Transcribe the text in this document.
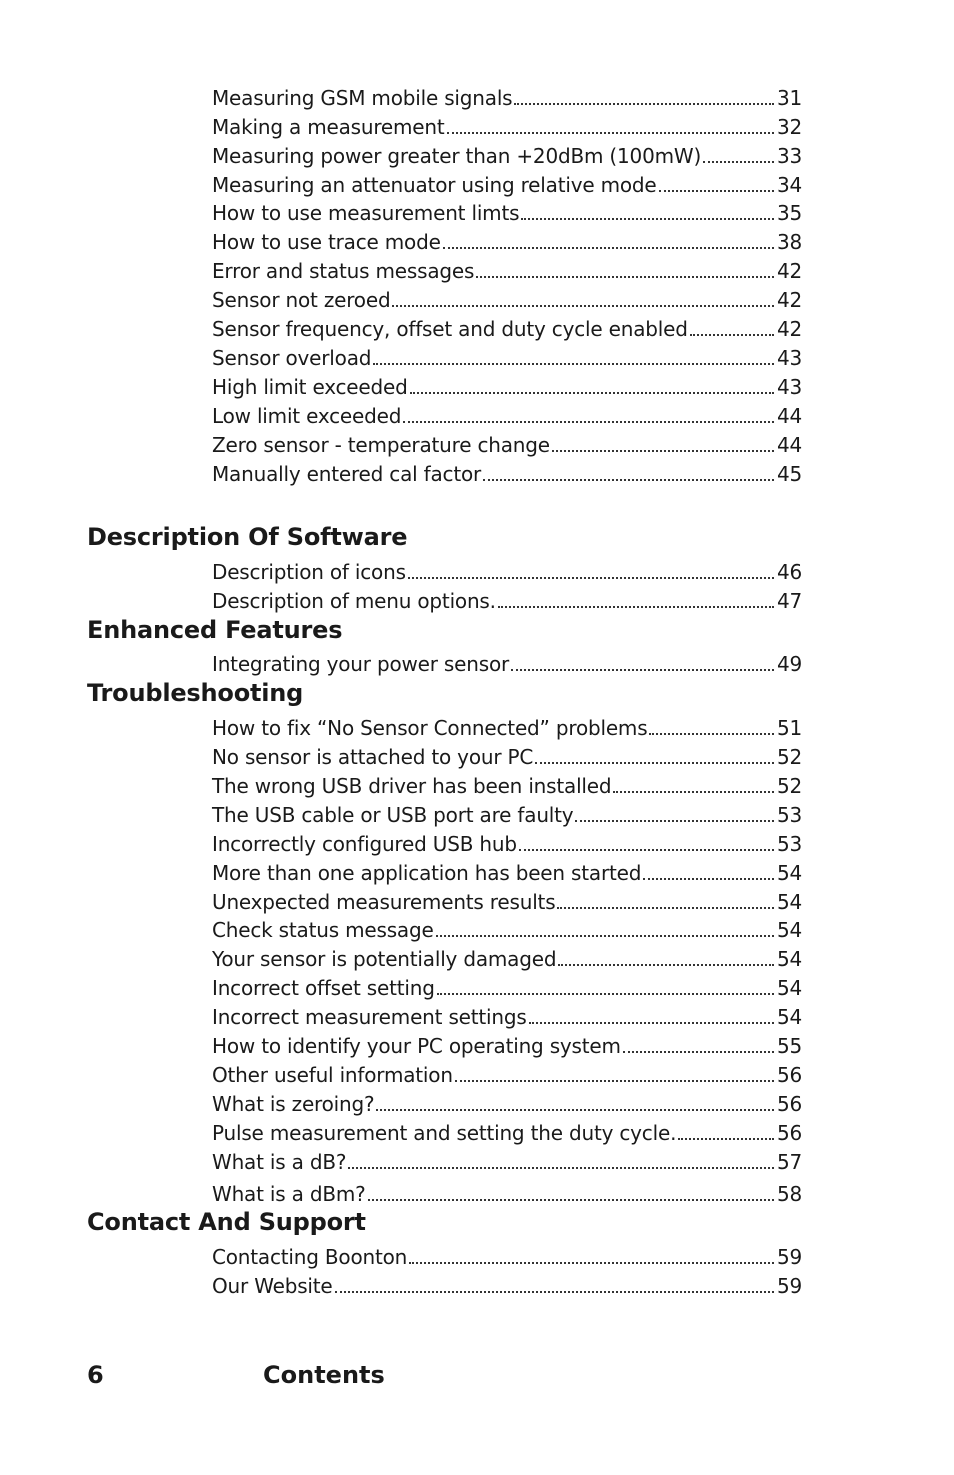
Measuring GSM mobile signals	31
Making a measurement	32
Measuring power greater than +20dBm (100mW)	33
Measuring an attenuator using relative mode	34
How to use measurement limts	35
How to use trace mode	38
Error and status messages	42
Sensor not zeroed	42
Sensor frequency, offset and duty cycle enabled	42
Sensor overload	43
High limit exceeded	43
Low limit exceeded	44
Zero sensor - temperature change	44
Manually entered cal factor	45
Description Of Software
Description of icons	46
Description of menu options.	47
Enhanced Features
Integrating your power sensor	49
Troubleshooting
How to fix “No Sensor Connected” problems	51
No sensor is attached to your PC	52
The wrong USB driver has been installed	52
The USB cable or USB port are faulty	53
Incorrectly configured USB hub	53
More than one application has been started	54
Unexpected measurements results	54
Check status message	54
Your sensor is potentially damaged	54
Incorrect offset setting	54
Incorrect measurement settings	54
How to identify your PC operating system	55
Other useful information	56
What is zeroing?	56
Pulse measurement and setting the duty cycle.	56
What is a dB?	57
What is a dBm?	58
Contact And Support
Contacting Boonton	59
Our Website	59
6	Contents
